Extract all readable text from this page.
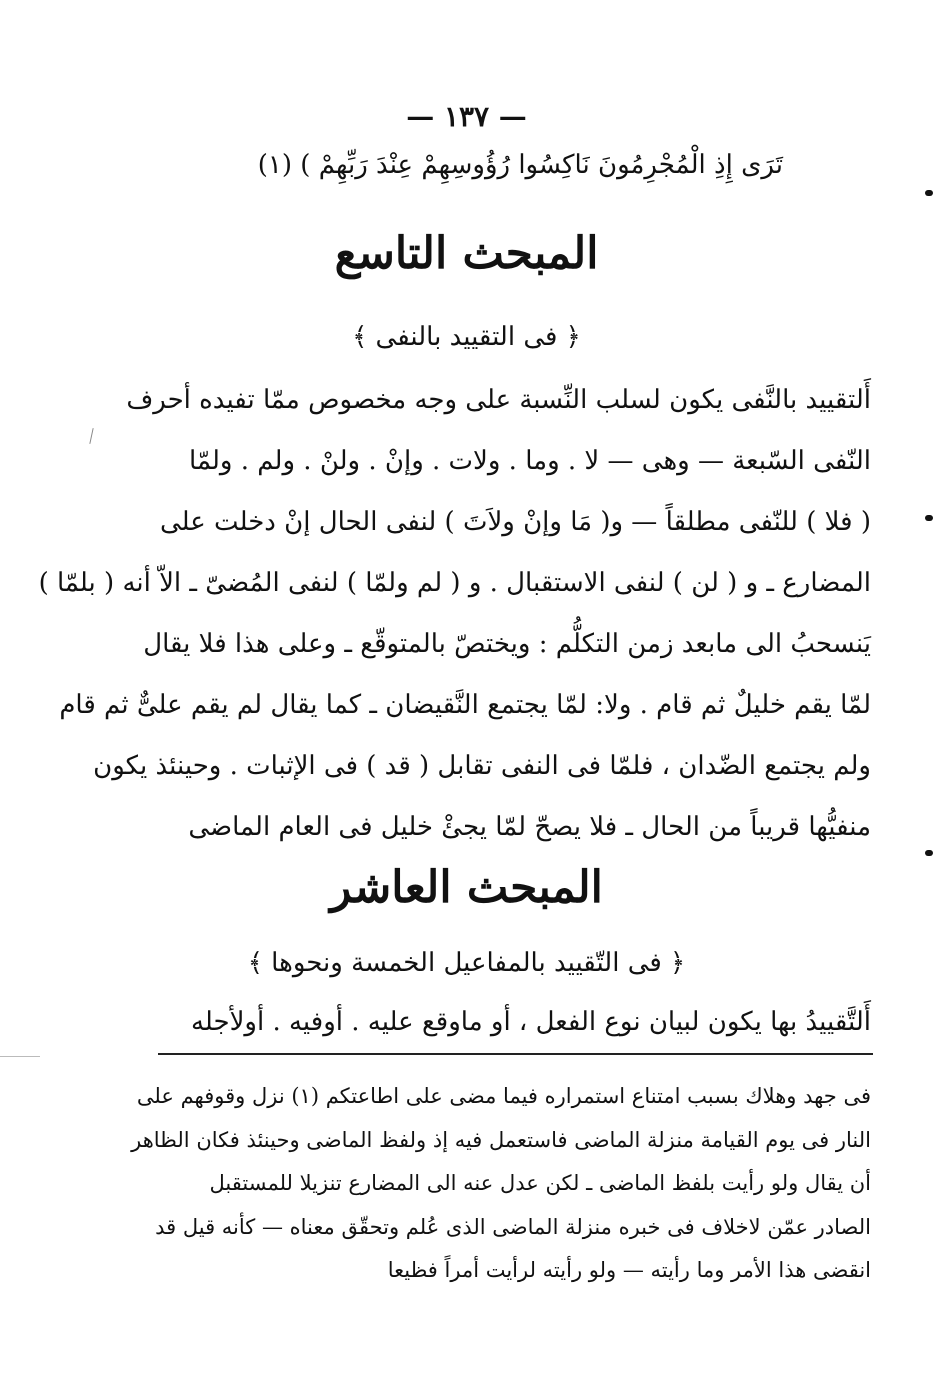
— ١٣٧ —
تَرَى إِذِ الْمُجْرِمُونَ نَاكِسُوا رُؤُوسِهِمْ عِنْدَ رَبِّهِمْ ) (١)
المبحث التاسع
﴿ فى التقييد بالنفى ﴾

أَلتقييد بالنَّفى يكون لسلب النِّسبة على وجه مخصوص ممّا تفيده أحرف

النّفى السّبعة — وهى — لا . وما . ولات . وإنْ . ولنْ . ولم . ولمّا

( فلا ) للنّفى مطلقاً — و( مَا وإنْ ولاَتَ ) لنفى الحال إنْ دخلت على

المضارع ـ و ( لن ) لنفى الاستقبال . و ( لم ولمّا ) لنفى المُضىّ ـ الاّ أنه ( بلمّا )

يَنسحبُ الى مابعد زمن التكلُّم : ويختصّ بالمتوقّع ـ وعلى هذا فلا يقال

لمّا يقم خليلٌ ثم قام . ولا: لمّا يجتمع النَّقيضان ـ كما يقال لم يقم علىٌّ ثم قام

ولم يجتمع الضّدان ، فلمّا فى النفى تقابل ( قد ) فى الإثبات . وحينئذ يكون

منفيُّها قريباً من الحال ـ فلا يصحّ لمّا يجئْ خليل فى العام الماضى

المبحث العاشر
﴿ فى التّقييد بالمفاعيل الخمسة ونحوها ﴾

أَلتَّقييدُ بها يكون لبيان نوع الفعل ، أو ماوقع عليه . أوفيه . أولأجله

فى جهد وهلاك بسبب امتناع استمراره فيما مضى على اطاعتكم (١) نزل وقوفهم على

النار فى يوم القيامة منزلة الماضى فاستعمل فيه إذ ولفظ الماضى وحينئذ فكان الظاهر

أن يقال ولو رأيت بلفظ الماضى ـ لكن عدل عنه الى المضارع تنزيلا للمستقبل

الصادر عمّن لاخلاف فى خبره منزلة الماضى الذى عُلم وتحقّق معناه — كأنه قيل قد

انقضى هذا الأمر وما رأيته — ولو رأيته لرأيت أمراً فظيعا
